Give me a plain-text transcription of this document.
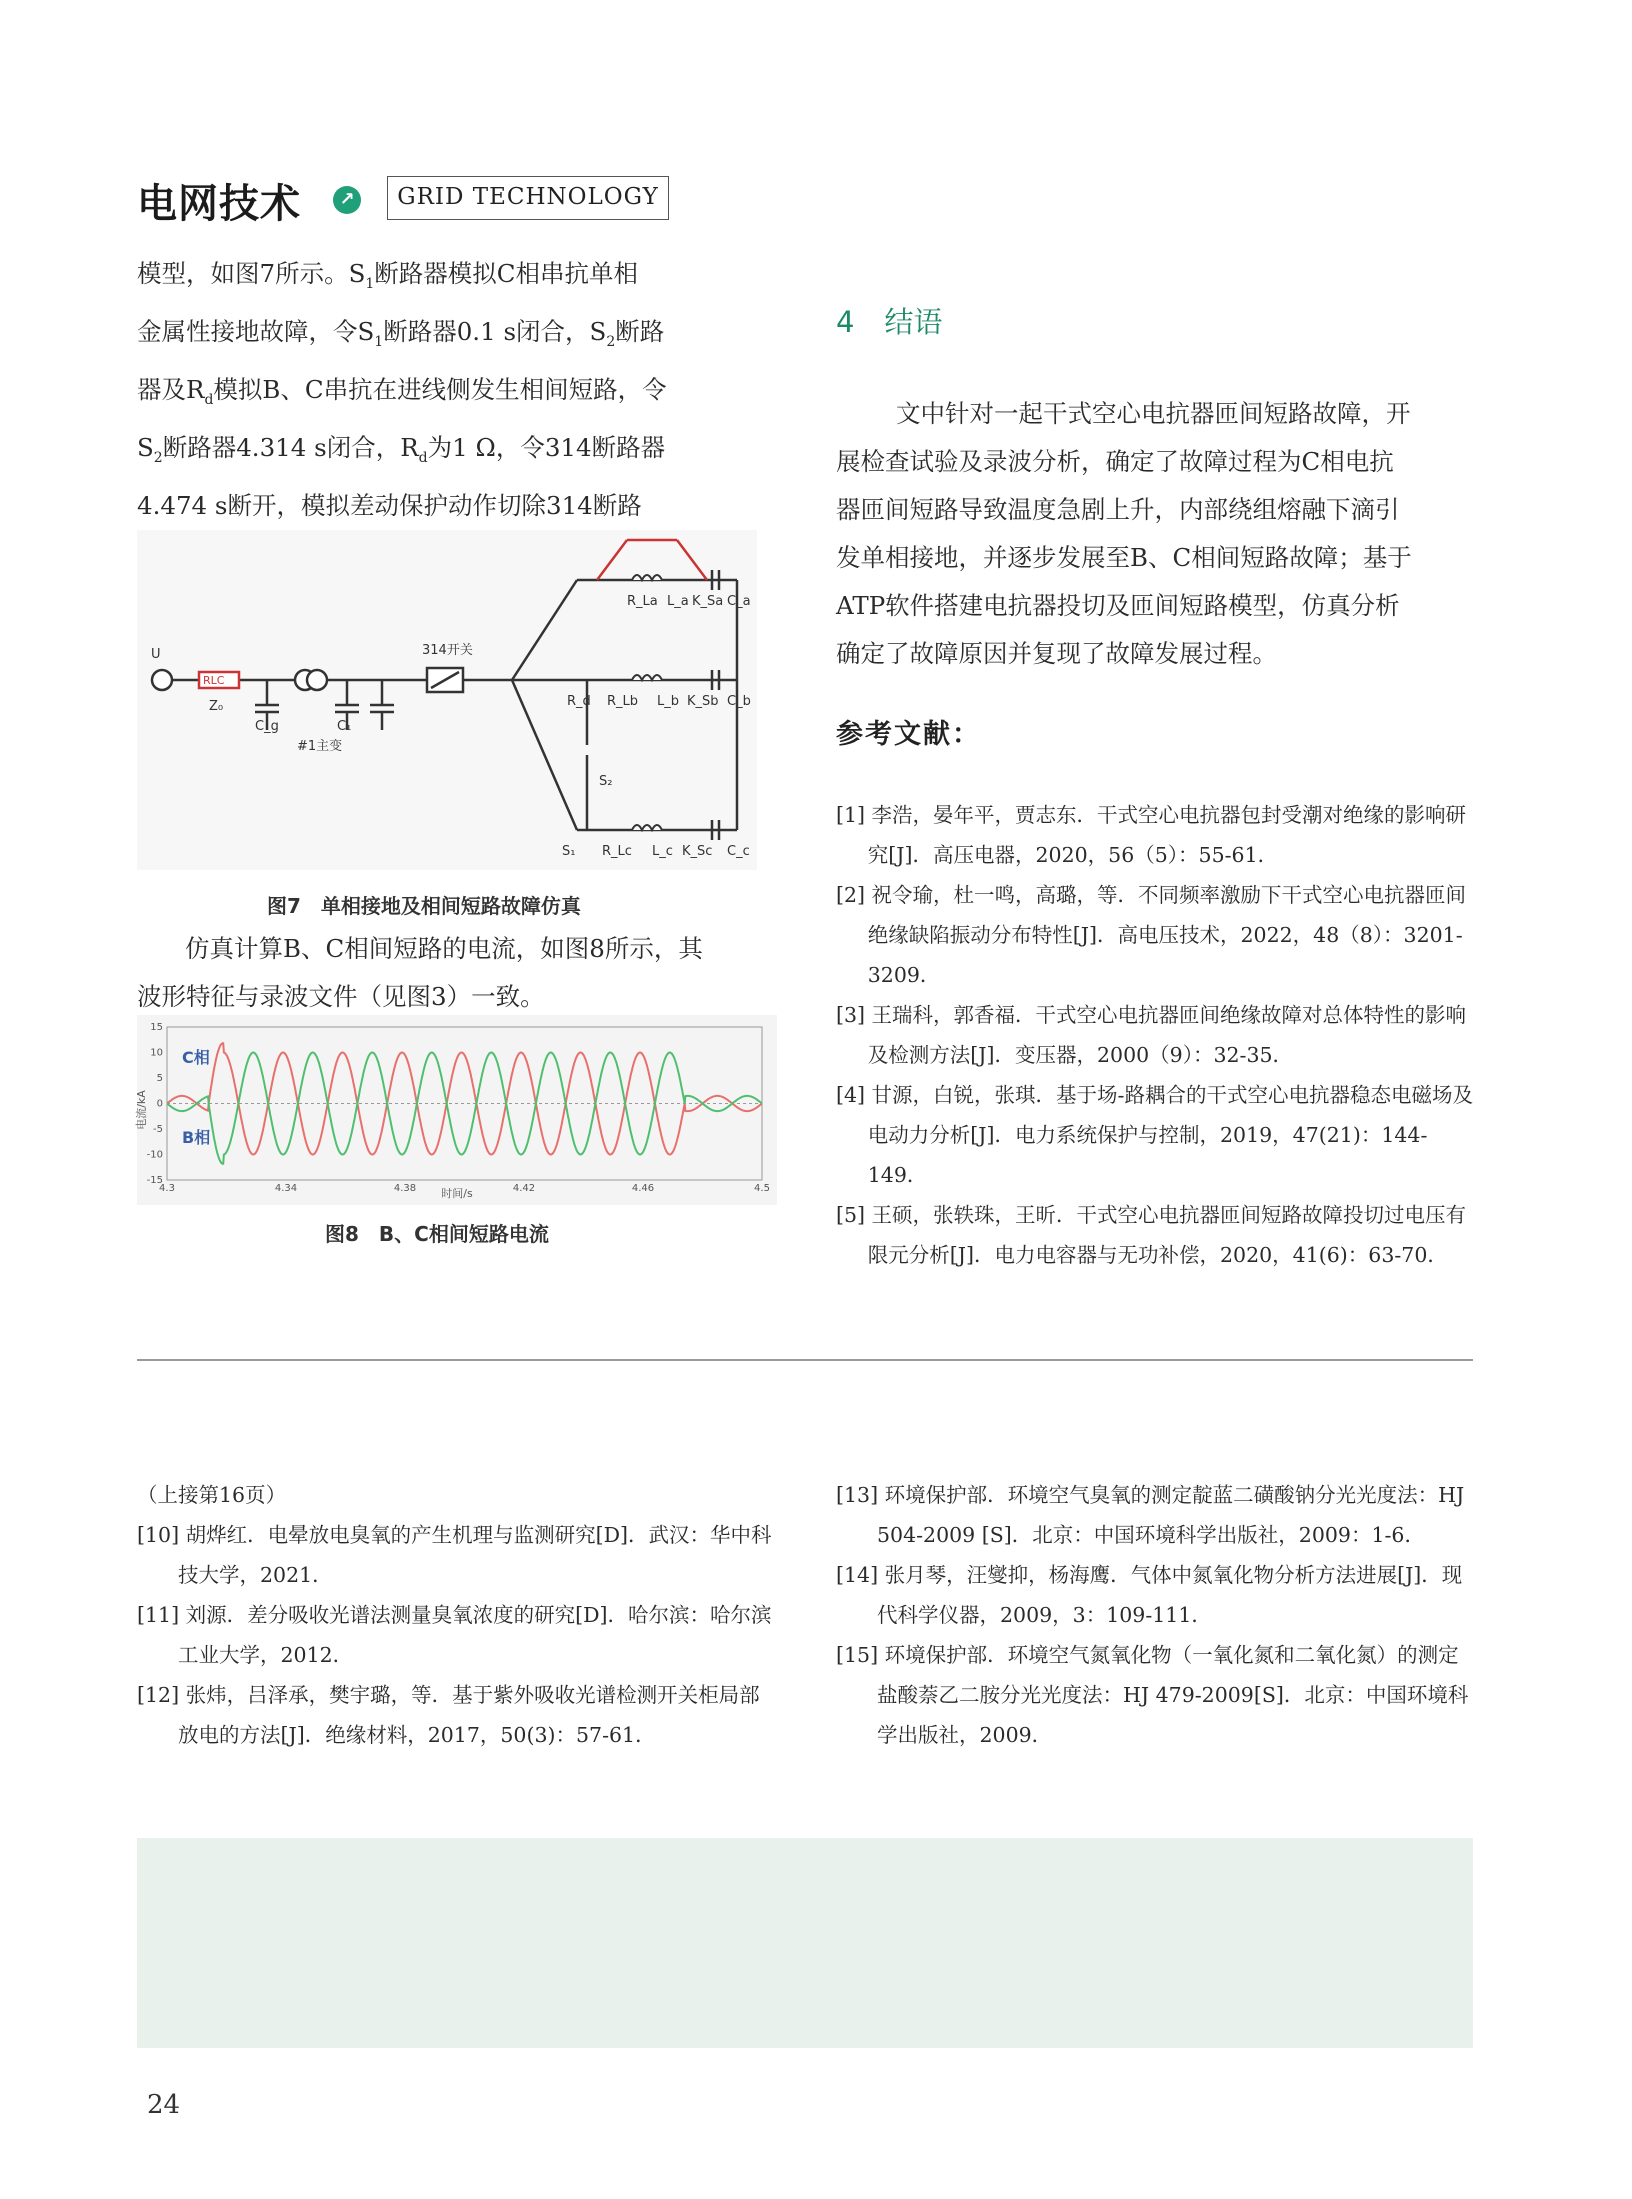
电网技术	↗	GRID TECHNOLOGY
模型，如图7所示。$S_1$断路器模拟C相串抗单相
金属性接地故障，令$S_1$断路器0.1 s闭合，$S_2$断路
器及$R_d$模拟B、C串抗在进线侧发生相间短路，令
$S_2$断路器4.314 s闭合，$R_d$为1 Ω，令314断路器
4.474 s断开，模拟差动保护动作切除314断路
U
RLC
Z₀
C_g	C₁
#1主变
314开关
R_La L_a K_Sa C_a
R_d R_Lb L_b K_Sb C_b
S₂
S₁ R_Lc L_c K_Sc C_c
图7　单相接地及相间短路故障仿真
仿真计算B、C相间短路的电流，如图8所示，其
波形特征与录波文件（见图3）一致。
15
10
5
0
-5
-10
-15
4.3	4.34	4.38	4.42	4.46	4.5
电流/kA
时间/s
C相
B相
图8　B、C相间短路电流
4 结语
文中针对一起干式空心电抗器匝间短路故障，开
展检查试验及录波分析，确定了故障过程为C相电抗
器匝间短路导致温度急剧上升，内部绕组熔融下滴引
发单相接地，并逐步发展至B、C相间短路故障；基于
ATP软件搭建电抗器投切及匝间短路模型，仿真分析
确定了故障原因并复现了故障发展过程。
参考文献：
[1] 李浩，晏年平，贾志东．干式空心电抗器包封受潮对绝缘的影响研究[J]．高压电器，2020，56（5）：55-61．
[2] 祝令瑜，杜一鸣，高璐，等．不同频率激励下干式空心电抗器匝间绝缘缺陷振动分布特性[J]．高电压技术，2022，48（8）：3201-3209．
[3] 王瑞科，郭香福．干式空心电抗器匝间绝缘故障对总体特性的影响及检测方法[J]．变压器，2000（9）：32-35．
[4] 甘源，白锐，张琪．基于场-路耦合的干式空心电抗器稳态电磁场及电动力分析[J]．电力系统保护与控制，2019，47(21)：144-149．
[5] 王硕，张轶珠，王昕．干式空心电抗器匝间短路故障投切过电压有限元分析[J]．电力电容器与无功补偿，2020，41(6)：63-70．
（上接第16页）
[10] 胡烨红．电晕放电臭氧的产生机理与监测研究[D]．武汉：华中科技大学，2021．
[11] 刘源．差分吸收光谱法测量臭氧浓度的研究[D]．哈尔滨：哈尔滨工业大学，2012．
[12] 张炜，吕泽承，樊宇璐，等．基于紫外吸收光谱检测开关柜局部放电的方法[J]．绝缘材料，2017，50(3)：57-61．
[13] 环境保护部．环境空气臭氧的测定靛蓝二磺酸钠分光光度法：HJ 504-2009 [S]．北京：中国环境科学出版社，2009：1-6．
[14] 张月琴，汪燮抑，杨海鹰．气体中氮氧化物分析方法进展[J]．现代科学仪器，2009，3：109-111．
[15] 环境保护部．环境空气氮氧化物（一氧化氮和二氧化氮）的测定盐酸萘乙二胺分光光度法：HJ 479-2009[S]．北京：中国环境科学出版社，2009．
24
